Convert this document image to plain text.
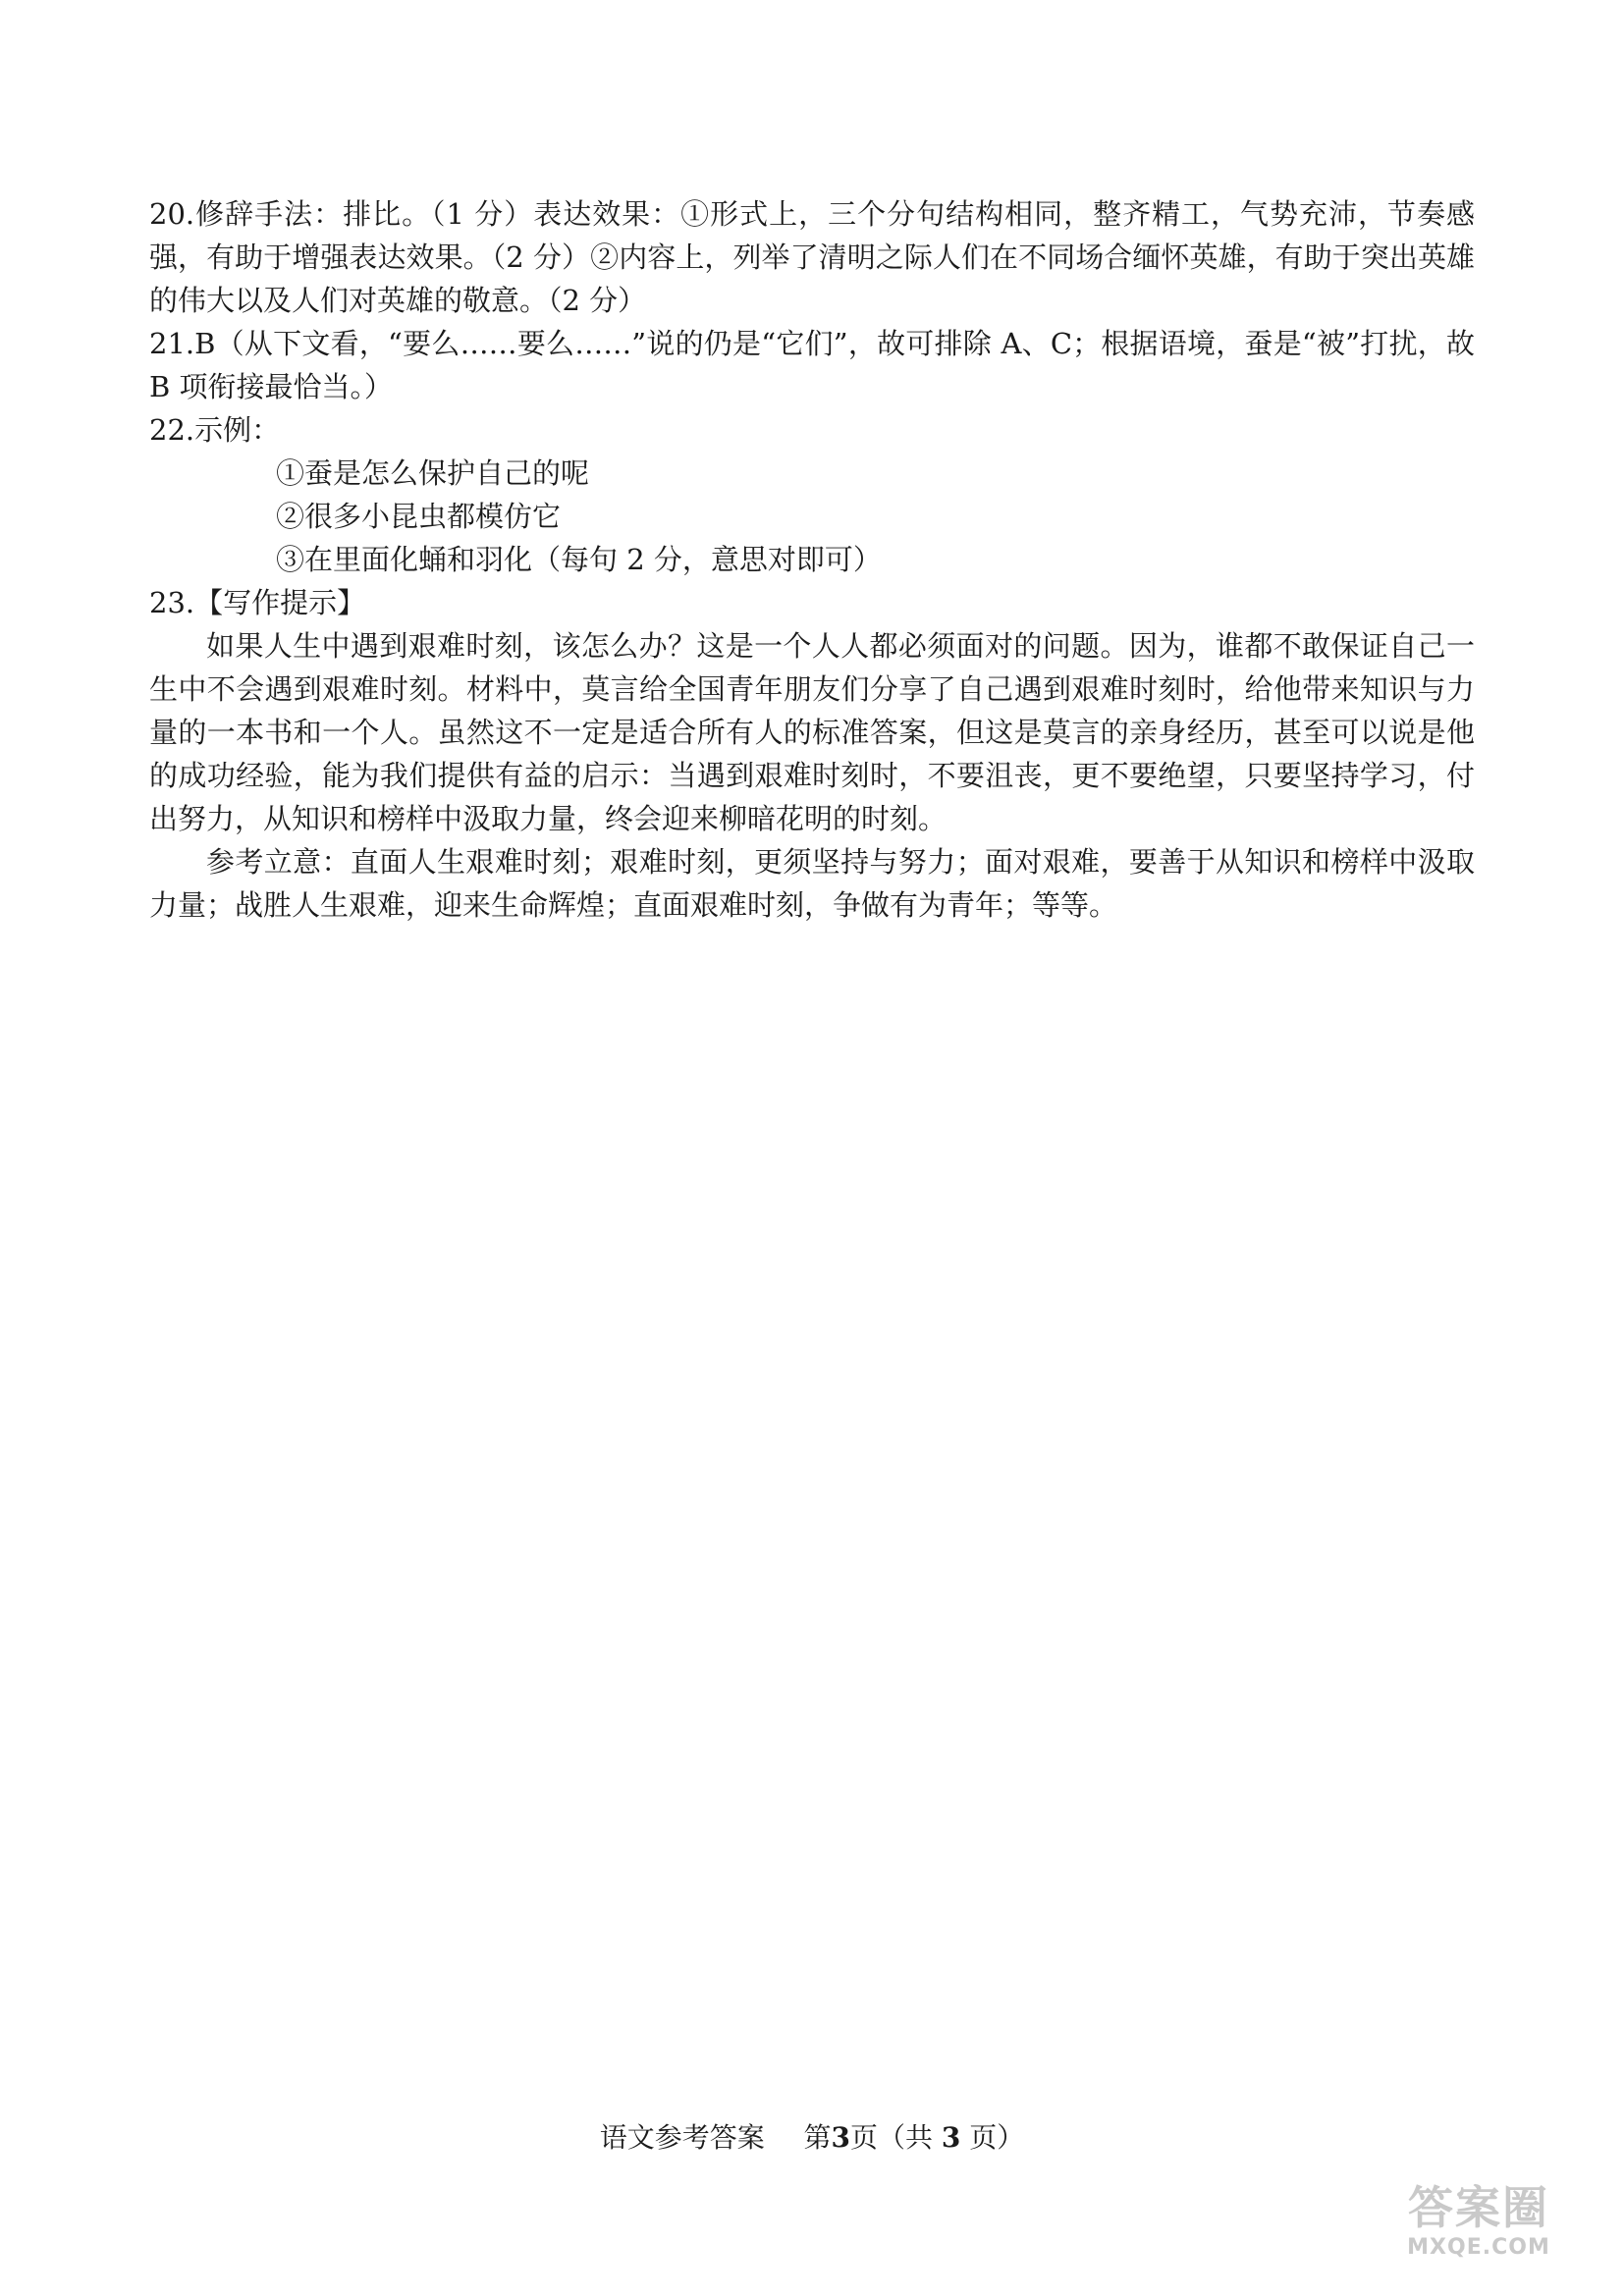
20.修辞手法：排比。（1 分）表达效果：①形式上，三个分句结构相同，整齐精工，气势充沛，节奏感强，有助于增强表达效果。（2 分）②内容上，列举了清明之际人们在不同场合缅怀英雄，有助于突出英雄的伟大以及人们对英雄的敬意。（2 分）

21.B（从下文看，“要么……要么……”说的仍是“它们”，故可排除 A、C；根据语境，蚕是“被”打扰，故 B 项衔接最恰当。）

22.示例：

①蚕是怎么保护自己的呢
②很多小昆虫都模仿它
③在里面化蛹和羽化（每句 2 分，意思对即可）
23.【写作提示】

如果人生中遇到艰难时刻，该怎么办？这是一个人人都必须面对的问题。因为，谁都不敢保证自己一生中不会遇到艰难时刻。材料中，莫言给全国青年朋友们分享了自己遇到艰难时刻时，给他带来知识与力量的一本书和一个人。虽然这不一定是适合所有人的标准答案，但这是莫言的亲身经历，甚至可以说是他的成功经验，能为我们提供有益的启示：当遇到艰难时刻时，不要沮丧，更不要绝望，只要坚持学习，付出努力，从知识和榜样中汲取力量，终会迎来柳暗花明的时刻。

参考立意：直面人生艰难时刻；艰难时刻，更须坚持与努力；面对艰难，要善于从知识和榜样中汲取力量；战胜人生艰难，迎来生命辉煌；直面艰难时刻，争做有为青年；等等。

语文参考答案 第3页（共 3 页）
答案圈
MXQE.COM
